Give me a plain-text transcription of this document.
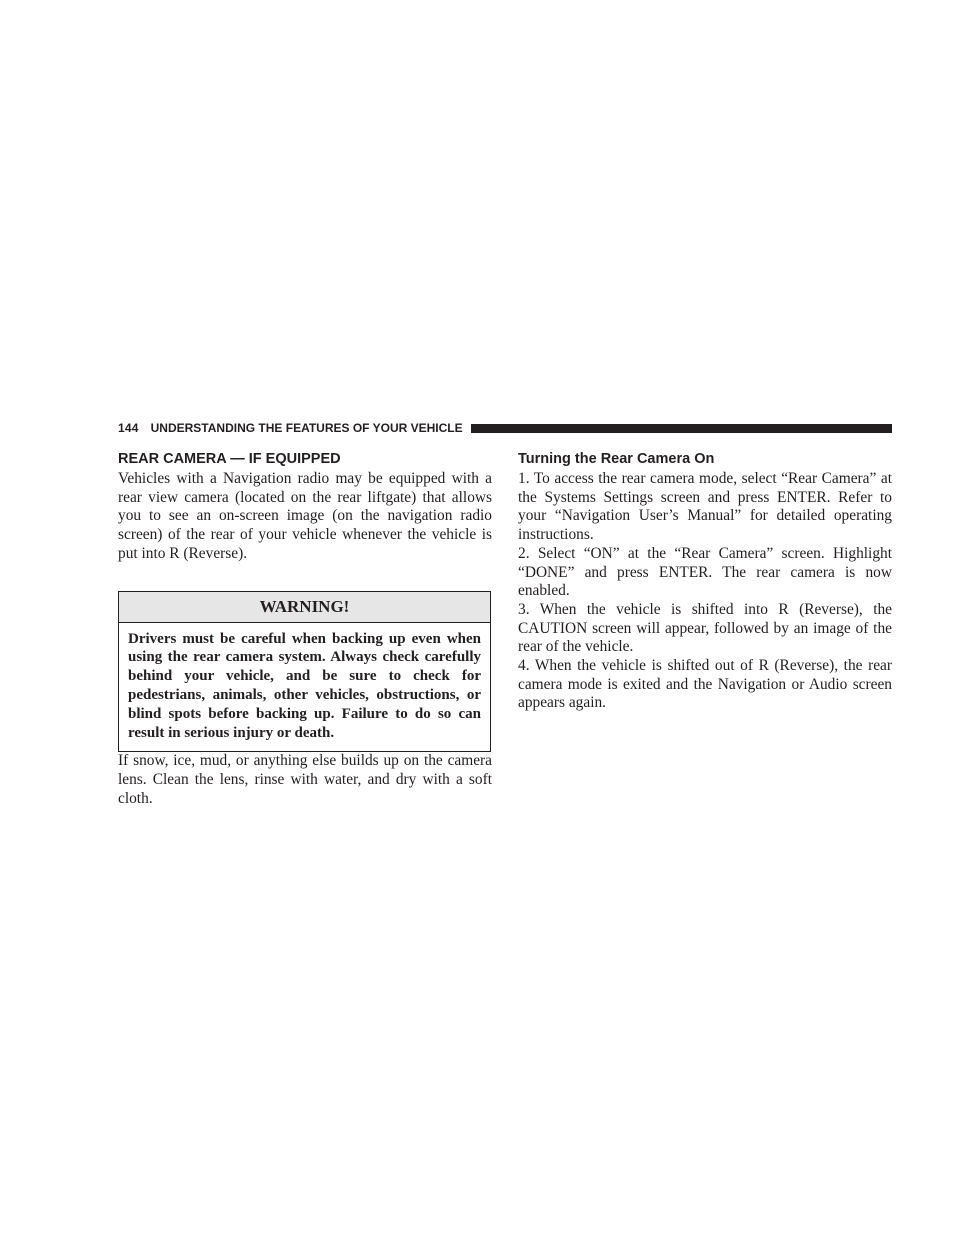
144 UNDERSTANDING THE FEATURES OF YOUR VEHICLE
REAR CAMERA — IF EQUIPPED

Vehicles with a Navigation radio may be equipped with a rear view camera (located on the rear liftgate) that allows you to see an on-screen image (on the navigation radio screen) of the rear of your vehicle whenever the vehicle is put into R (Reverse).

WARNING!
Drivers must be careful when backing up even when using the rear camera system. Always check carefully behind your vehicle, and be sure to check for pedestrians, animals, other vehicles, obstructions, or blind spots before backing up. Failure to do so can result in serious injury or death.

If snow, ice, mud, or anything else builds up on the camera lens. Clean the lens, rinse with water, and dry with a soft cloth.

Turning the Rear Camera On

1. To access the rear camera mode, select “Rear Camera” at the Systems Settings screen and press ENTER. Refer to your “Navigation User’s Manual” for detailed operating instructions.

2. Select “ON” at the “Rear Camera” screen. Highlight “DONE” and press ENTER. The rear camera is now enabled.

3. When the vehicle is shifted into R (Reverse), the CAUTION screen will appear, followed by an image of the rear of the vehicle.

4. When the vehicle is shifted out of R (Reverse), the rear camera mode is exited and the Navigation or Audio screen appears again.
